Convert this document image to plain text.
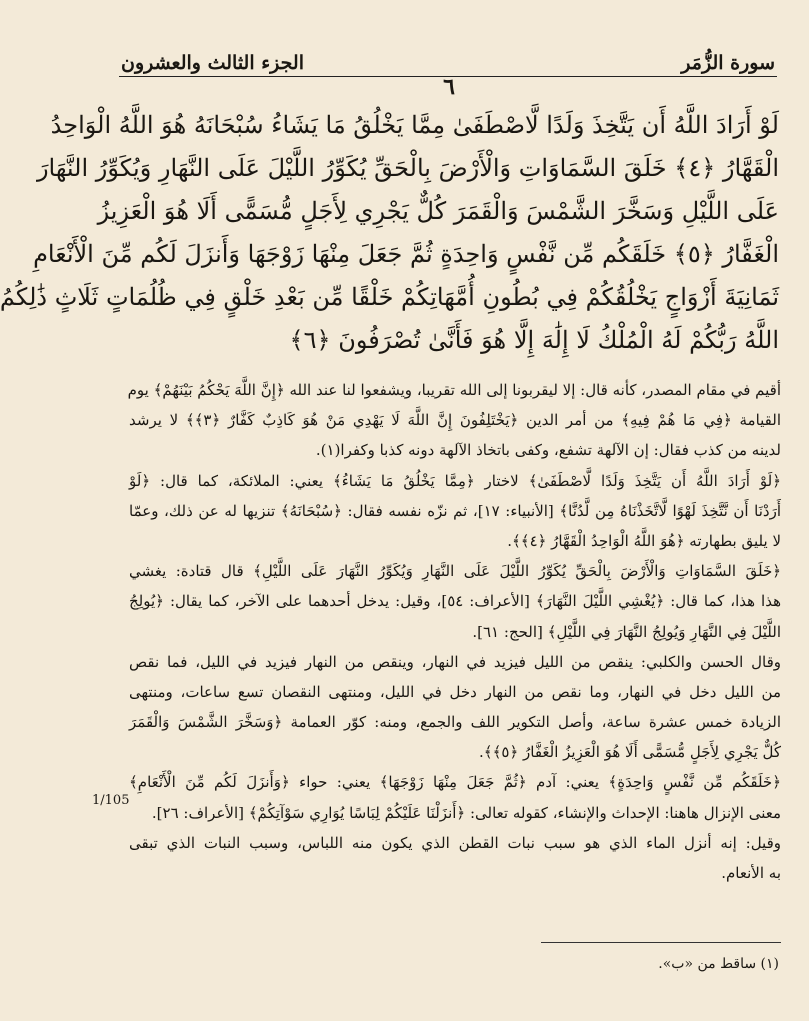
سورة الزُّمَر
الجزء الثالث والعشرون
٦
لَوْ أَرَادَ اللَّهُ أَن يَتَّخِذَ وَلَدًا لَّاصْطَفَىٰ مِمَّا يَخْلُقُ مَا يَشَاءُ سُبْحَانَهُ هُوَ اللَّهُ الْوَاحِدُ
الْقَهَّارُ ﴿٤﴾ خَلَقَ السَّمَاوَاتِ وَالْأَرْضَ بِالْحَقِّ يُكَوِّرُ اللَّيْلَ عَلَى النَّهَارِ وَيُكَوِّرُ النَّهَارَ
عَلَى اللَّيْلِ وَسَخَّرَ الشَّمْسَ وَالْقَمَرَ كُلٌّ يَجْرِي لِأَجَلٍ مُّسَمًّى أَلَا هُوَ الْعَزِيزُ
الْغَفَّارُ ﴿٥﴾ خَلَقَكُم مِّن نَّفْسٍ وَاحِدَةٍ ثُمَّ جَعَلَ مِنْهَا زَوْجَهَا وَأَنزَلَ لَكُم مِّنَ الْأَنْعَامِ
ثَمَانِيَةَ أَزْوَاجٍ يَخْلُقُكُمْ فِي بُطُونِ أُمَّهَاتِكُمْ خَلْقًا مِّن بَعْدِ خَلْقٍ فِي ظُلُمَاتٍ ثَلَاثٍ ذَٰلِكُمُ
اللَّهُ رَبُّكُمْ لَهُ الْمُلْكُ لَا إِلَٰهَ إِلَّا هُوَ فَأَنَّىٰ تُصْرَفُونَ ﴿٦﴾
أقيم في مقام المصدر، كأنه قال: إلا ليقربونا إلى الله تقريبا، ويشفعوا لنا عند الله ﴿إِنَّ اللَّهَ يَحْكُمُ بَيْنَهُمْ﴾ يوم
القيامة ﴿فِي مَا هُمْ فِيهِ﴾ من أمر الدين ﴿يَخْتَلِفُونَ إِنَّ اللَّهَ لَا يَهْدِي مَنْ هُوَ كَاذِبٌ كَفَّارٌ ﴿٣﴾﴾ لا يرشد
لدينه من كذب فقال: إن الآلهة تشفع، وكفى باتخاذ الآلهة دونه كذبا وكفرا(١).
﴿لَوْ أَرَادَ اللَّهُ أَن يَتَّخِذَ وَلَدًا لَّاصْطَفَىٰ﴾ لاختار ﴿مِمَّا يَخْلُقُ مَا يَشَاءُ﴾ يعني: الملائكة، كما قال: ﴿لَوْ
أَرَدْنَا أَن نَّتَّخِذَ لَهْوًا لَّاتَّخَذْنَاهُ مِن لَّدُنَّا﴾ [الأنبياء: ١٧]، ثم نزّه نفسه فقال: ﴿سُبْحَانَهُ﴾ تنزيها له عن ذلك، وعمّا
لا يليق بطهارته ﴿هُوَ اللَّهُ الْوَاحِدُ الْقَهَّارُ ﴿٤﴾﴾.
﴿خَلَقَ السَّمَاوَاتِ وَالْأَرْضَ بِالْحَقِّ يُكَوِّرُ اللَّيْلَ عَلَى النَّهَارِ وَيُكَوِّرُ النَّهَارَ عَلَى اللَّيْلِ﴾ قال قتادة: يغشي
هذا هذا، كما قال: ﴿يُغْشِي اللَّيْلَ النَّهَارَ﴾ [الأعراف: ٥٤]، وقيل: يدخل أحدهما على الآخر، كما يقال: ﴿يُولِجُ
اللَّيْلَ فِي النَّهَارِ وَيُولِجُ النَّهَارَ فِي اللَّيْلِ﴾ [الحج: ٦١].
وقال الحسن والكلبي: ينقص من الليل فيزيد في النهار، وينقص من النهار فيزيد في الليل، فما نقص
من الليل دخل في النهار، وما نقص من النهار دخل في الليل، ومنتهى النقصان تسع ساعات، ومنتهى
الزيادة خمس عشرة ساعة، وأصل التكوير اللف والجمع، ومنه: كوّر العمامة ﴿وَسَخَّرَ الشَّمْسَ وَالْقَمَرَ
كُلٌّ يَجْرِي لِأَجَلٍ مُّسَمًّى أَلَا هُوَ الْعَزِيزُ الْغَفَّارُ ﴿٥﴾﴾.
﴿خَلَقَكُم مِّن نَّفْسٍ وَاحِدَةٍ﴾ يعني: آدم ﴿ثُمَّ جَعَلَ مِنْهَا زَوْجَهَا﴾ يعني: حواء ﴿وَأَنزَلَ لَكُم مِّنَ الْأَنْعَامِ﴾
معنى الإنزال هاهنا: الإحداث والإنشاء، كقوله تعالى: ﴿أَنزَلْنَا عَلَيْكُمْ لِبَاسًا يُوَارِي سَوْآتِكُمْ﴾ [الأعراف: ٢٦].
وقيل: إنه أنزل الماء الذي هو سبب نبات القطن الذي يكون منه اللباس، وسبب النبات الذي تبقى
به الأنعام.
1/105
(١) ساقط من «ب».
